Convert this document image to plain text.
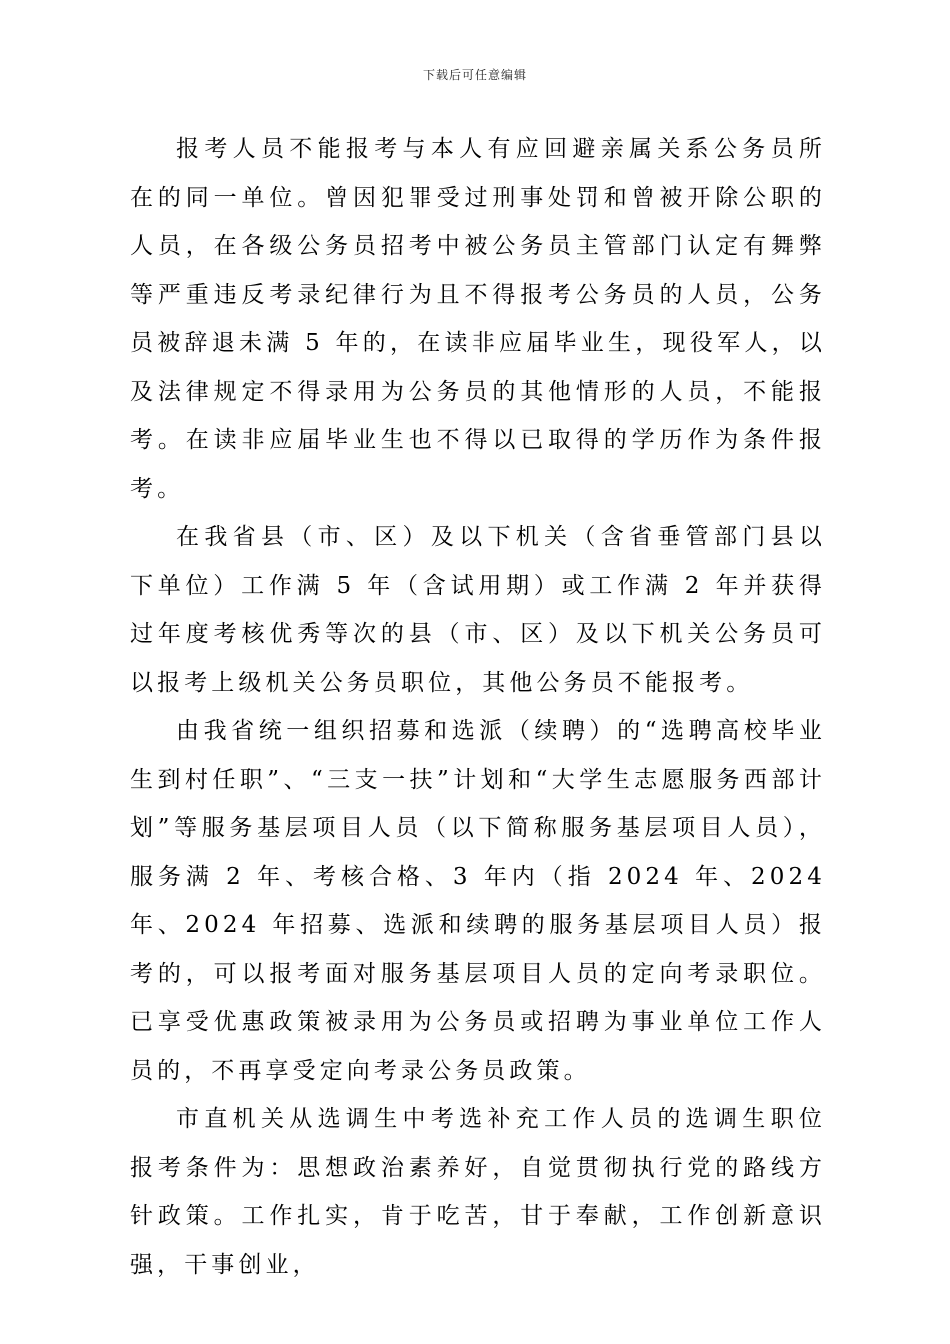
下载后可任意编辑

报考人员不能报考与本人有应回避亲属关系公务员所在的同一单位。曾因犯罪受过刑事处罚和曾被开除公职的人员，在各级公务员招考中被公务员主管部门认定有舞弊等严重违反考录纪律行为且不得报考公务员的人员，公务员被辞退未满 5 年的，在读非应届毕业生，现役军人，以及法律规定不得录用为公务员的其他情形的人员，不能报考。在读非应届毕业生也不得以已取得的学历作为条件报考。

在我省县（市、区）及以下机关（含省垂管部门县以下单位）工作满 5 年（含试用期）或工作满 2 年并获得过年度考核优秀等次的县（市、区）及以下机关公务员可以报考上级机关公务员职位，其他公务员不能报考。

由我省统一组织招募和选派（续聘）的“选聘高校毕业生到村任职”、“三支一扶”计划和“大学生志愿服务西部计划”等服务基层项目人员（以下简称服务基层项目人员），服务满 2 年、考核合格、3 年内（指 2024 年、2024 年、2024 年招募、选派和续聘的服务基层项目人员）报考的，可以报考面对服务基层项目人员的定向考录职位。已享受优惠政策被录用为公务员或招聘为事业单位工作人员的，不再享受定向考录公务员政策。

市直机关从选调生中考选补充工作人员的选调生职位报考条件为：思想政治素养好，自觉贯彻执行党的路线方针政策。工作扎实，肯于吃苦，甘于奉献，工作创新意识强，干事创业，
